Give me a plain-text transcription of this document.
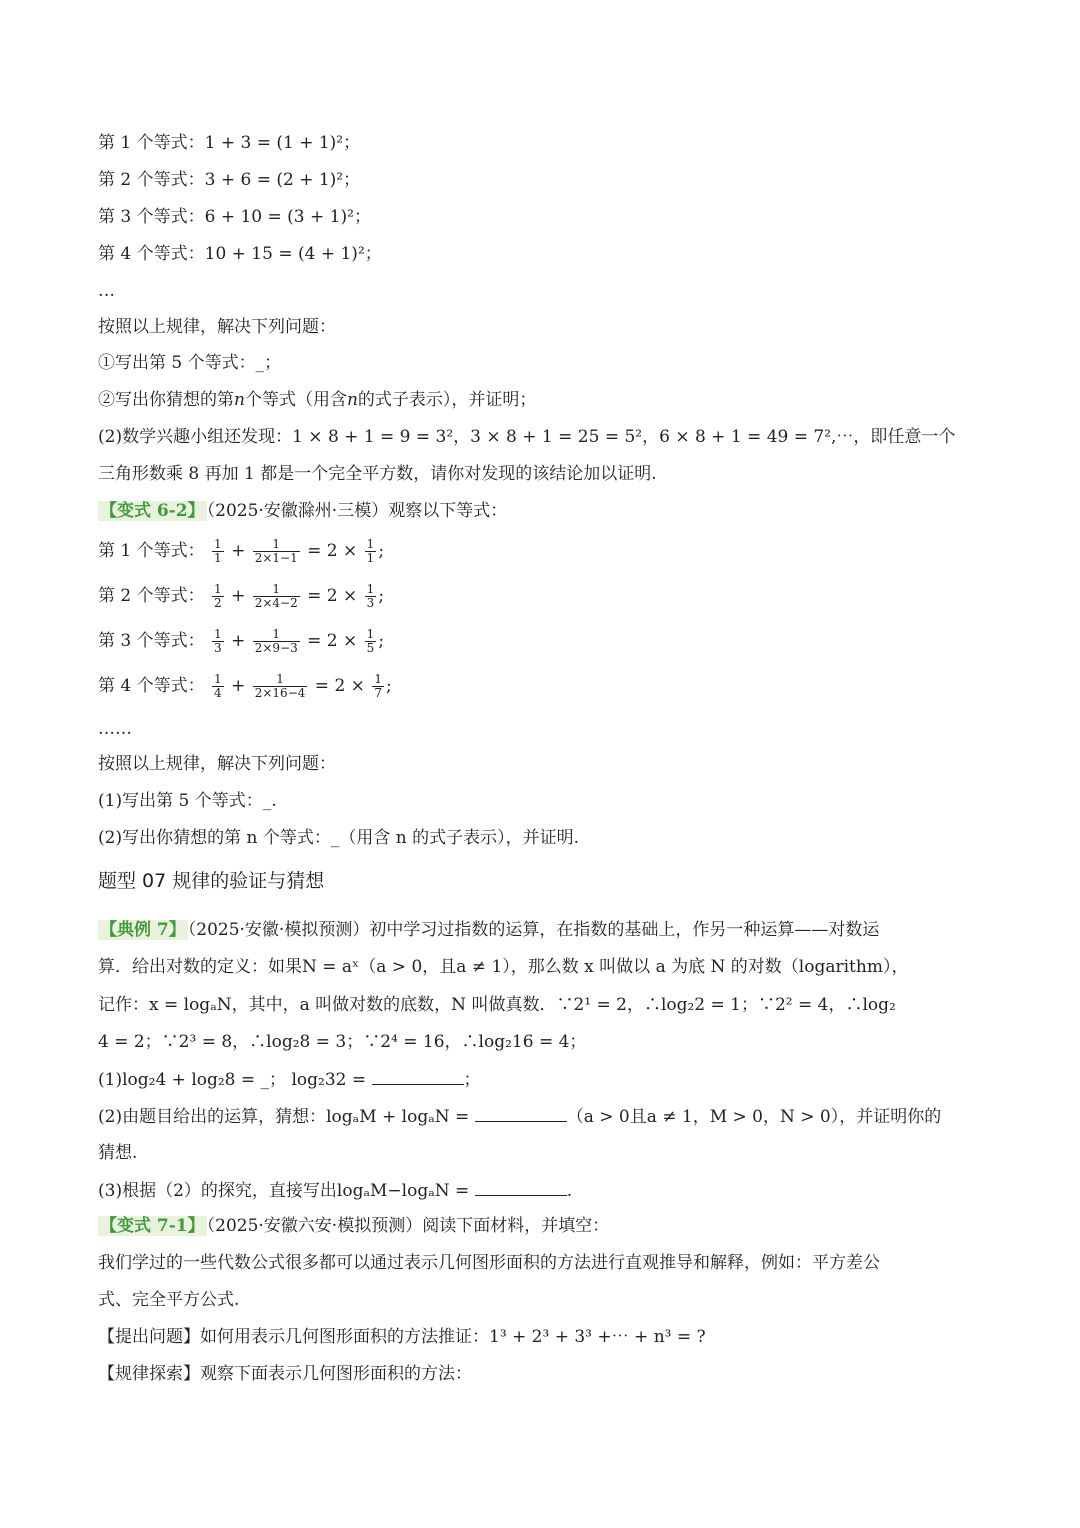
第 1 个等式：1 + 3 = (1 + 1)²；
第 2 个等式：3 + 6 = (2 + 1)²；
第 3 个等式：6 + 10 = (3 + 1)²；
第 4 个等式：10 + 15 = (4 + 1)²；
…
按照以上规律，解决下列问题：
①写出第 5 个等式：_；
②写出你猜想的第n个等式（用含n的式子表示），并证明；
(2)数学兴趣小组还发现：1 × 8 + 1 = 9 = 3²，3 × 8 + 1 = 25 = 5²，6 × 8 + 1 = 49 = 7²,⋯，即任意一个
三角形数乘 8 再加 1 都是一个完全平方数，请你对发现的该结论加以证明.
【变式 6-2】 （2025·安徽滁州·三模）观察以下等式：
第 1 个等式： $\frac{1}{1} + \frac{1}{2\times 1-1} = 2 \times \frac{1}{1}$ ;
第 2 个等式： $\frac{1}{2} + \frac{1}{2\times 4-2} = 2 \times \frac{1}{3}$ ;
第 3 个等式： $\frac{1}{3} + \frac{1}{2\times 9-3} = 2 \times \frac{1}{5}$ ;
第 4 个等式： $\frac{1}{4} + \frac{1}{2\times 16-4} = 2 \times \frac{1}{7}$ ;
……
按照以上规律，解决下列问题：
(1)写出第 5 个等式：_.
(2)写出你猜想的第 n 个等式：_（用含 n 的式子表示），并证明.
题型 07 规律的验证与猜想
【典例 7】 （2025·安徽·模拟预测）初中学习过指数的运算，在指数的基础上，作另一种运算——对数运
算．给出对数的定义：如果N = aˣ（a > 0，且a ≠ 1），那么数 x 叫做以 a 为底 N 的对数（logarithm），
记作：x = logₐN，其中，a 叫做对数的底数，N 叫做真数．∵2¹ = 2，∴log₂2 = 1；∵2² = 4，∴log₂
4 = 2；∵2³ = 8，∴log₂8 = 3；∵2⁴ = 16，∴log₂16 = 4；
(1)log₂4 + log₂8 = _； log₂32 =	；
(2)由题目给出的运算，猜想：logₐM + logₐN =	（a > 0且a ≠ 1，M > 0，N > 0），并证明你的
猜想.
(3)根据（2）的探究，直接写出logₐM−logₐN =	.
【变式 7-1】 （2025·安徽六安·模拟预测）阅读下面材料，并填空：
我们学过的一些代数公式很多都可以通过表示几何图形面积的方法进行直观推导和解释，例如：平方差公
式、完全平方公式.
【提出问题】如何用表示几何图形面积的方法推证：1³ + 2³ + 3³ +⋯ + n³ = ?
【规律探索】观察下面表示几何图形面积的方法：
